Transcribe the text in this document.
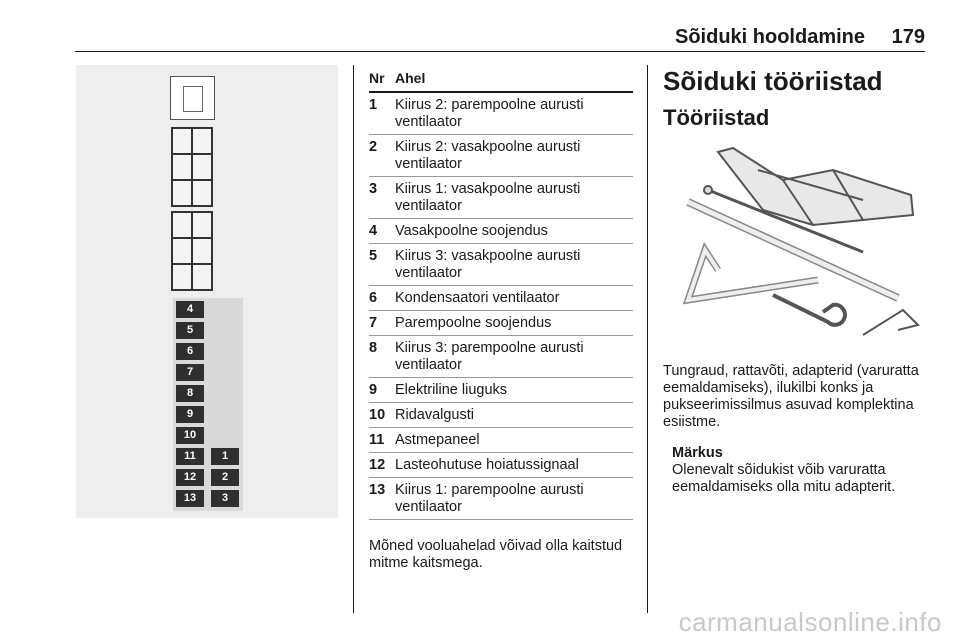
Sõiduki hooldamine 179
4
5
6
7
8
9
10
11
12
13
1
2
3
Nr Ahel
1 Kiirus 2: parempoolne aurusti ventilaator
2 Kiirus 2: vasakpoolne aurusti ventilaator
3 Kiirus 1: vasakpoolne aurusti ventilaator
4 Vasakpoolne soojendus
5 Kiirus 3: vasakpoolne aurusti ventilaator
6 Kondensaatori ventilaator
7 Parempoolne soojendus
8 Kiirus 3: parempoolne aurusti ventilaator
9 Elektriline liuguks
10 Ridavalgusti
11 Astmepaneel
12 Lasteohutuse hoiatussignaal
13 Kiirus 1: parempoolne aurusti ventilaator
Mõned vooluahelad võivad olla kaitstud mitme kaitsmega.
Sõiduki tööriistad
Tööriistad
Tungraud, rattavõti, adapterid (varuratta eemaldamiseks), ilukilbi konks ja pukseerimissilmus asuvad komplektina esiistme.
Märkus
Olenevalt sõidukist võib varuratta eemaldamiseks olla mitu adapterit.
carmanualsonline.info
